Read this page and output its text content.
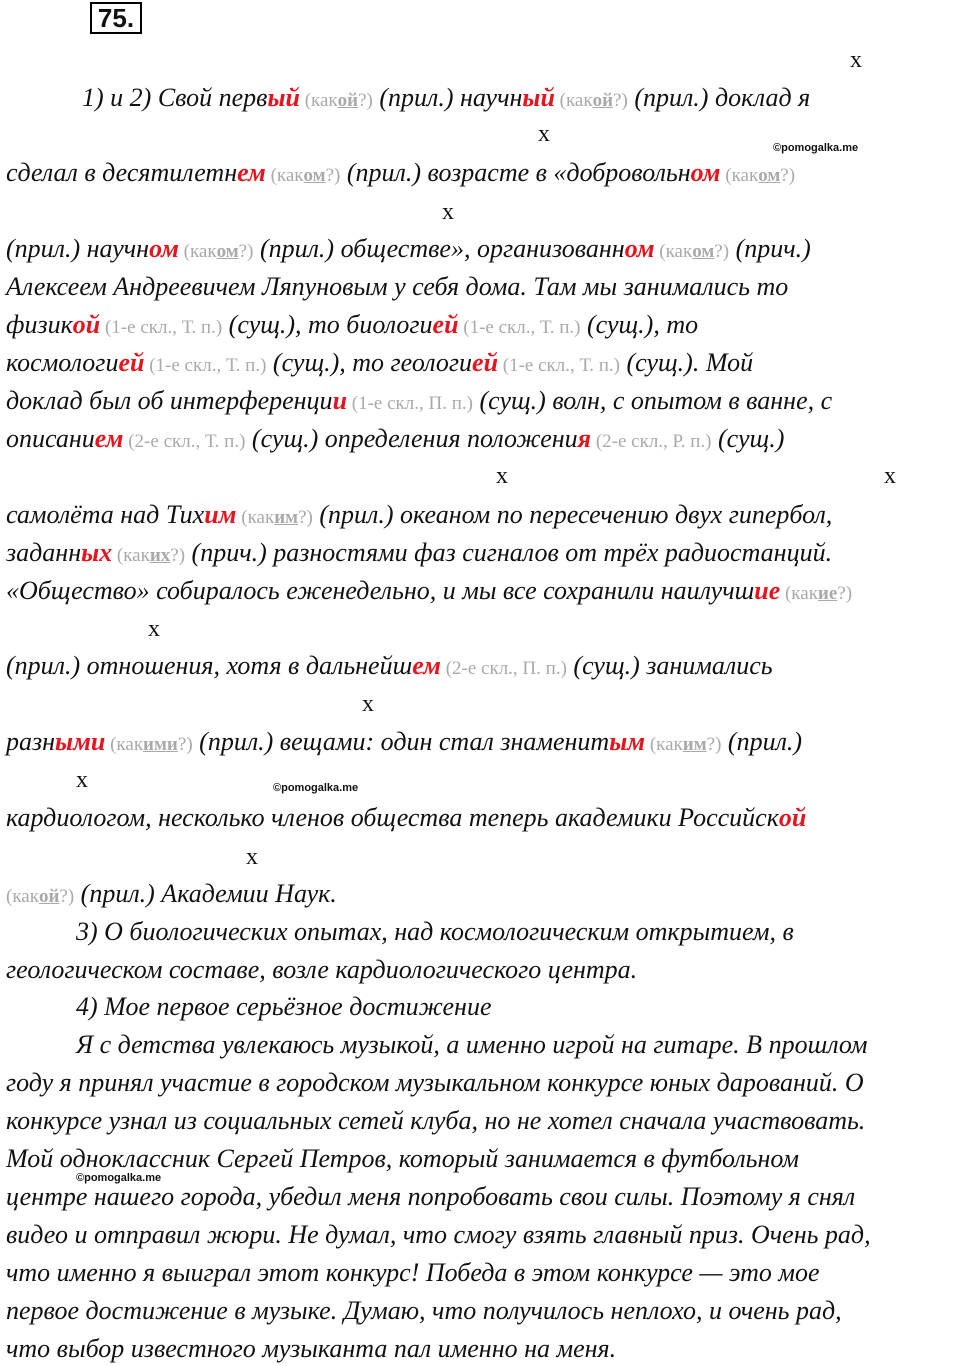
75.
x
x
x
x	x
x
x
x
x
©pomogalka.me
©pomogalka.me
©pomogalka.me
1) и 2) Свой первый (какой?) (прил.) научный (какой?) (прил.) доклад я
сделал в десятилетнем (каком?) (прил.) возрасте в «добровольном (каком?)
(прил.) научном (каком?) (прил.) обществе», организованном (каком?) (прич.)
Алексеем Андреевичем Ляпуновым у себя дома. Там мы занимались то
физикой (1-е скл., Т. п.) (сущ.), то биологией (1-е скл., Т. п.) (сущ.), то
космологией (1-е скл., Т. п.) (сущ.), то геологией (1-е скл., Т. п.) (сущ.). Мой
доклад был об интерференции (1-е скл., П. п.) (сущ.) волн, с опытом в ванне, с
описанием (2-е скл., Т. п.) (сущ.) определения положения (2-е скл., Р. п.) (сущ.)
самолёта над Тихим (каким?) (прил.) океаном по пересечению двух гипербол,
заданных (каких?) (прич.) разностями фаз сигналов от трёх радиостанций.
«Общество» собиралось еженедельно, и мы все сохранили наилучшие (какие?)
(прил.) отношения, хотя в дальнейшем (2-е скл., П. п.) (сущ.) занимались
разными (какими?) (прил.) вещами: один стал знаменитым (каким?) (прил.)
кардиологом, несколько членов общества теперь академики Российской
(какой?) (прил.) Академии Наук.
3) О биологических опытах, над космологическим открытием, в
геологическом составе, возле кардиологического центра.
4) Мое первое серьёзное достижение
Я с детства увлекаюсь музыкой, а именно игрой на гитаре. В прошлом
году я принял участие в городском музыкальном конкурсе юных дарований. О
конкурсе узнал из социальных сетей клуба, но не хотел сначала участвовать.
Мой одноклассник Сергей Петров, который занимается в футбольном
центре нашего города, убедил меня попробовать свои силы. Поэтому я снял
видео и отправил жюри. Не думал, что смогу взять главный приз. Очень рад,
что именно я выиграл этот конкурс! Победа в этом конкурсе — это мое
первое достижение в музыке. Думаю, что получилось неплохо, и очень рад,
что выбор известного музыканта пал именно на меня.
